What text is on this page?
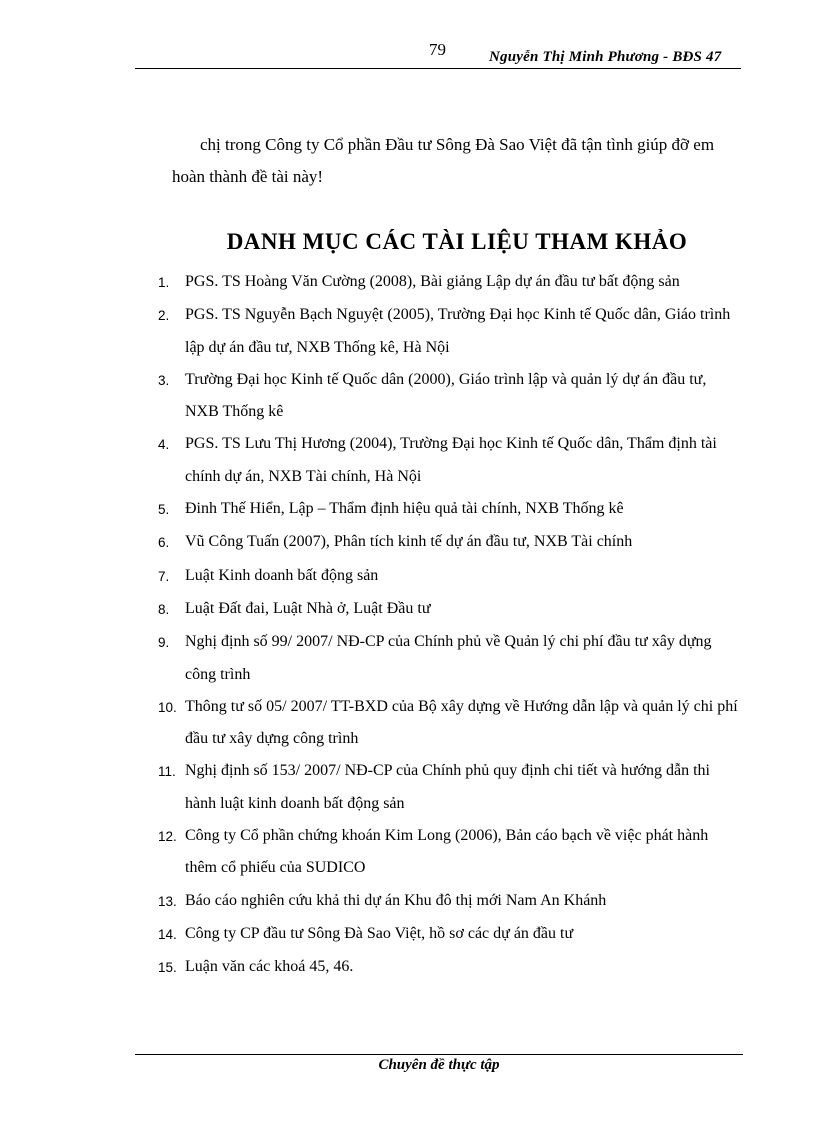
79	Nguyễn Thị Minh Phương - BĐS 47

chị trong Công ty Cổ phần Đầu tư Sông Đà Sao Việt đã tận tình giúp đỡ em hoàn thành đề tài này!

DANH MỤC CÁC TÀI LIỆU THAM KHẢO
1. PGS. TS Hoàng Văn Cường (2008), Bài giảng Lập dự án đầu tư bất động sản
2. PGS. TS Nguyễn Bạch Nguyệt (2005), Trường Đại học Kinh tế Quốc dân, Giáo trình lập dự án đầu tư, NXB Thống kê, Hà Nội
3. Trường Đại học Kinh tế Quốc dân (2000), Giáo trình lập và quản lý dự án đầu tư, NXB Thống kê
4. PGS. TS Lưu Thị Hương (2004), Trường Đại học Kinh tế Quốc dân, Thẩm định tài chính dự án, NXB Tài chính, Hà Nội
5. Đinh Thế Hiển, Lập – Thẩm định hiệu quả tài chính, NXB Thống kê
6. Vũ Công Tuấn (2007), Phân tích kinh tế dự án đầu tư, NXB Tài chính
7. Luật Kinh doanh bất động sản
8. Luật Đất đai, Luật Nhà ở, Luật Đầu tư
9. Nghị định số 99/ 2007/ NĐ-CP của Chính phủ về Quản lý chi phí đầu tư xây dựng công trình
10. Thông tư số 05/ 2007/ TT-BXD của Bộ xây dựng về Hướng dẫn lập và quản lý chi phí đầu tư xây dựng công trình
11. Nghị định số 153/ 2007/ NĐ-CP của Chính phủ quy định chi tiết và hướng dẫn thi hành luật kinh doanh bất động sản
12. Công ty Cổ phần chứng khoán Kim Long (2006), Bản cáo bạch về việc phát hành thêm cổ phiếu của SUDICO
13. Báo cáo nghiên cứu khả thi dự án Khu đô thị mới Nam An Khánh
14. Công ty CP đầu tư Sông Đà Sao Việt, hồ sơ các dự án đầu tư
15. Luận văn các khoá 45, 46.
Chuyên đề thực tập
